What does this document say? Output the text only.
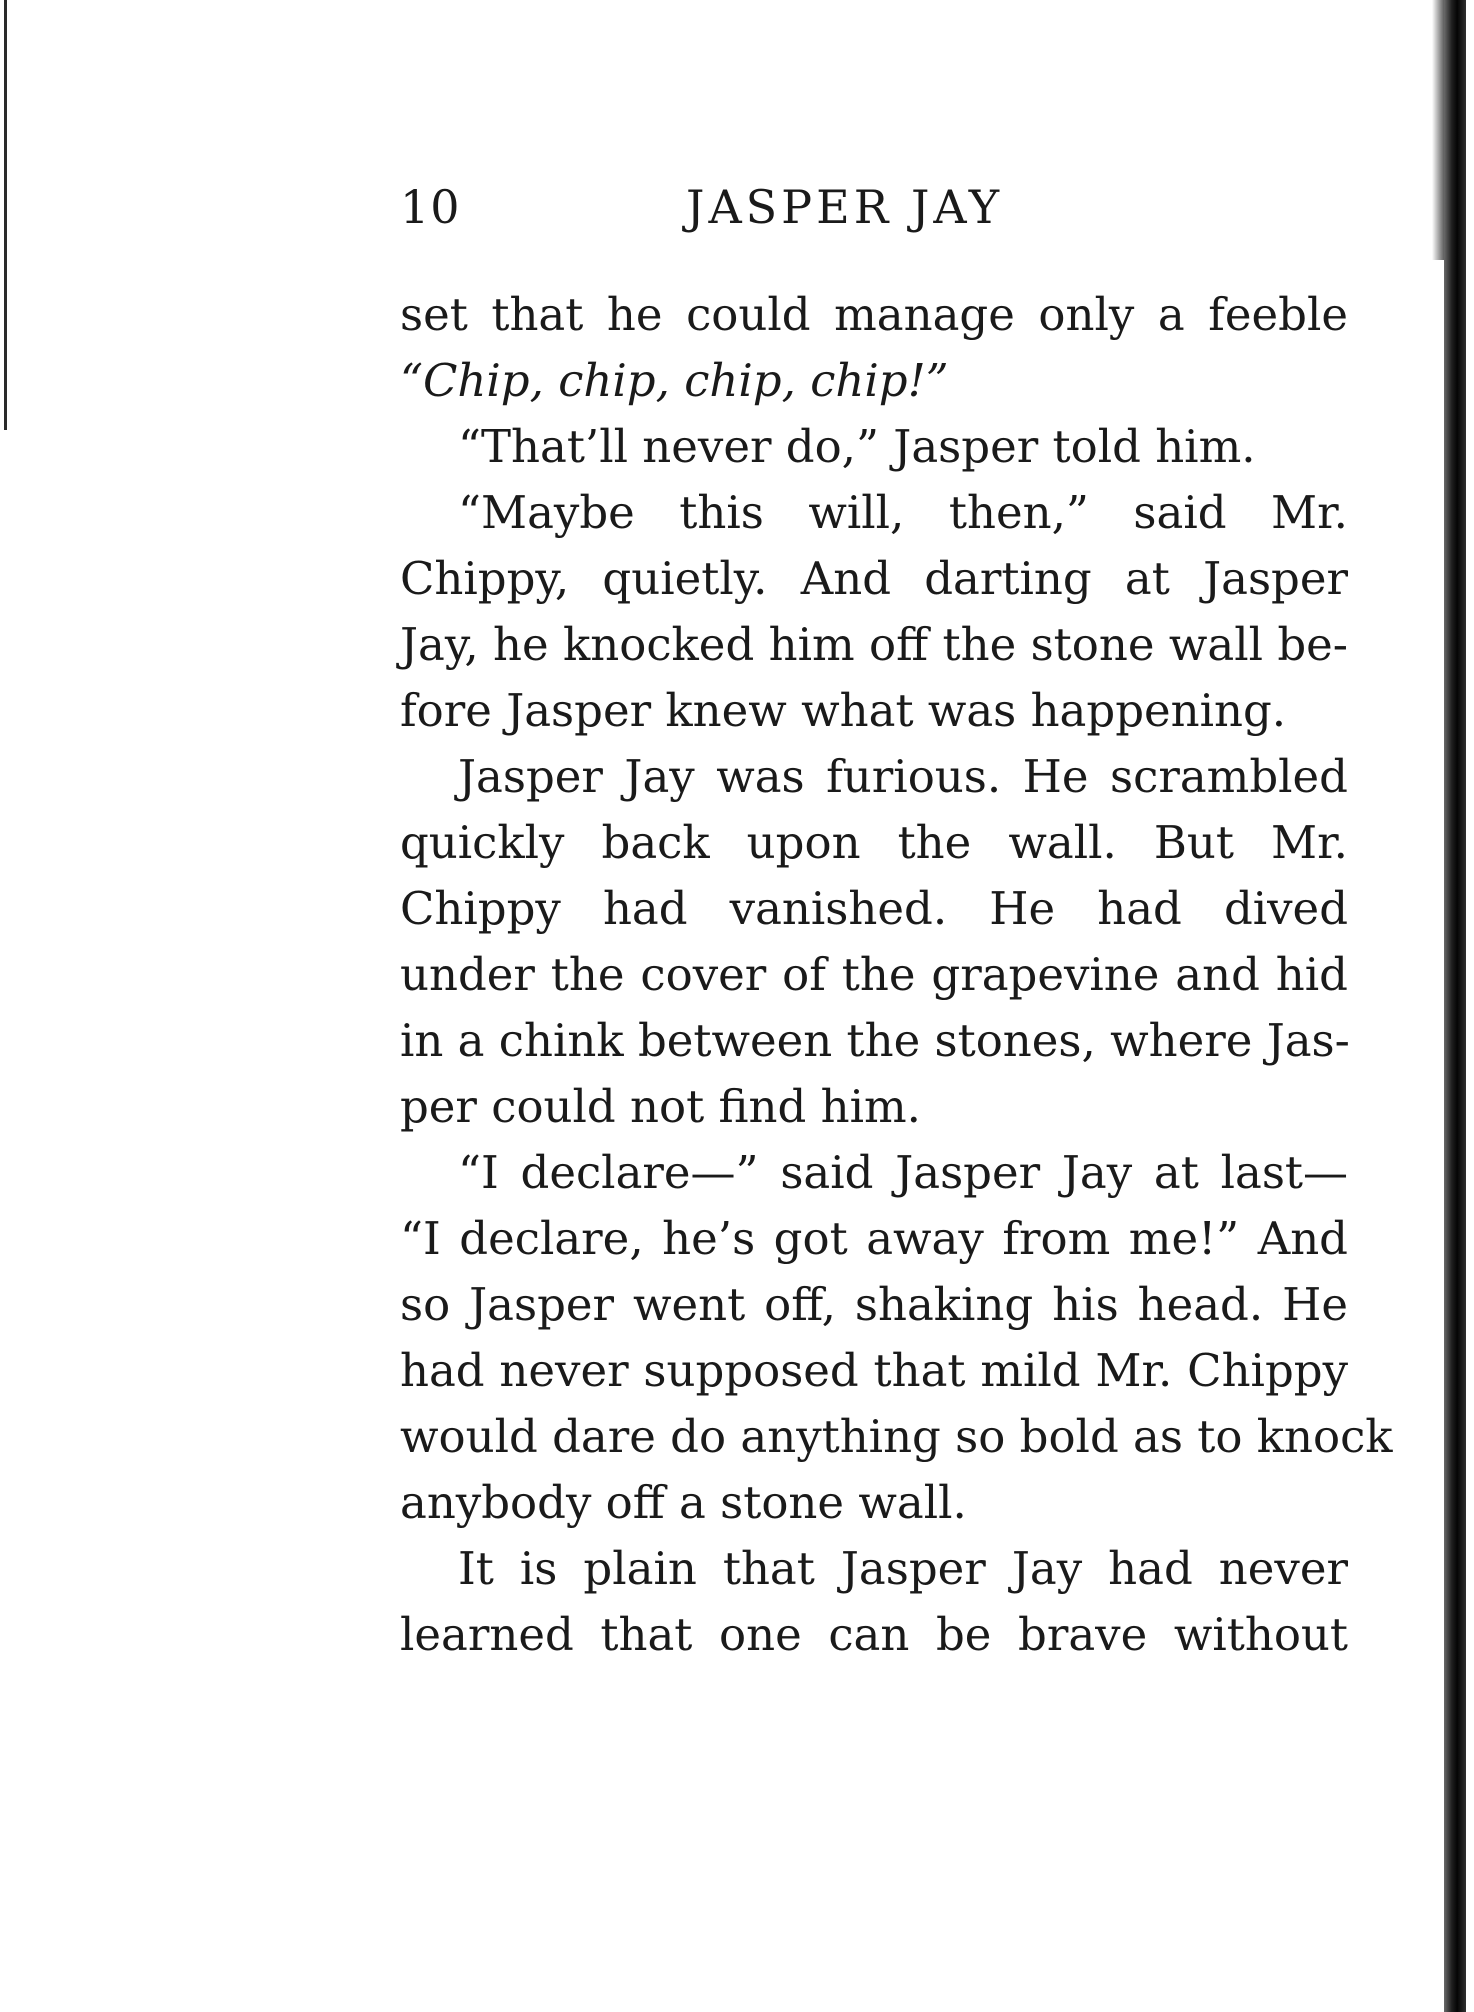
10	JASPER JAY
set that he could manage only a feeble
“Chip, chip, chip, chip!”
“That’ll never do,” Jasper told him.
“Maybe this will, then,” said Mr.
Chippy, quietly. And darting at Jasper
Jay, he knocked him off the stone wall be-
fore Jasper knew what was happening.
Jasper Jay was furious. He scrambled
quickly back upon the wall. But Mr.
Chippy had vanished. He had dived
under the cover of the grapevine and hid
in a chink between the stones, where Jas-
per could not find him.
“I declare—” said Jasper Jay at last—
“I declare, he’s got away from me!” And
so Jasper went off, shaking his head. He
had never supposed that mild Mr. Chippy
would dare do anything so bold as to knock
anybody off a stone wall.
It is plain that Jasper Jay had never
learned that one can be brave without
